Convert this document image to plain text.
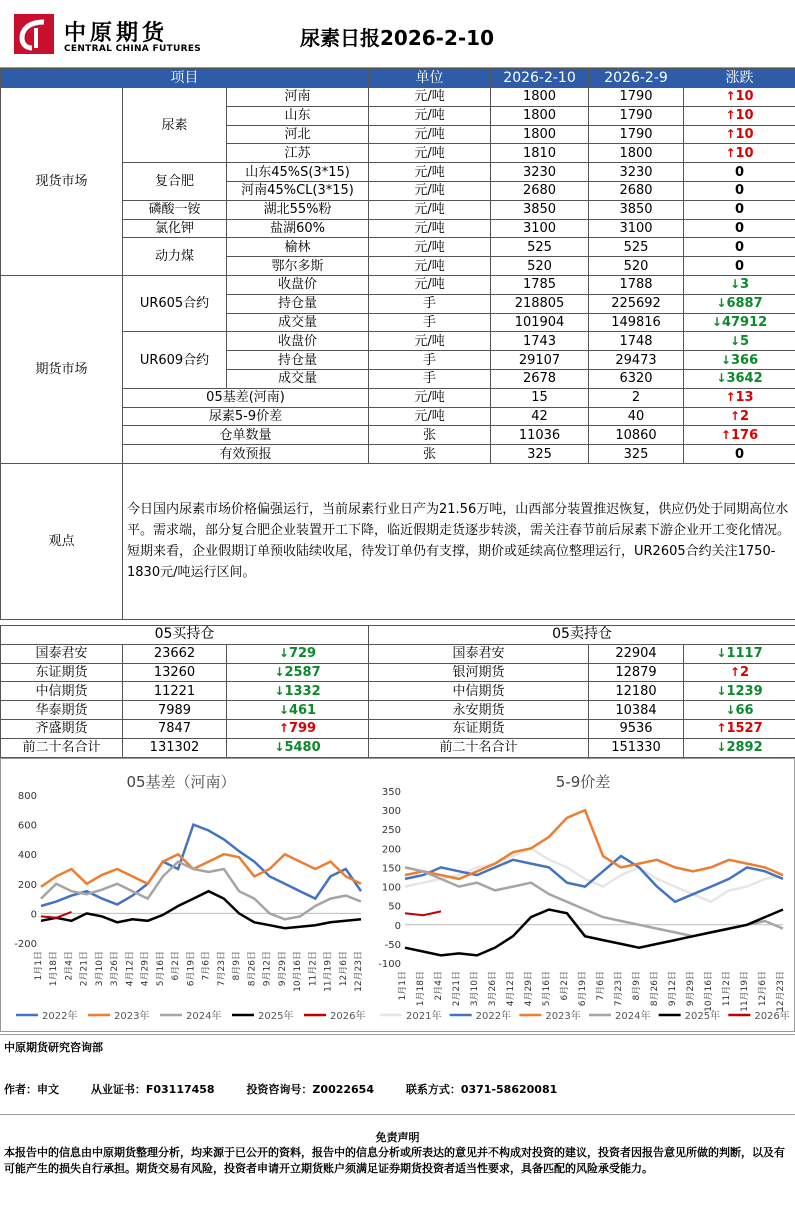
中原期货
CENTRAL CHINA FUTURES	尿素日报2026-2-10
项目			单位	2026-2-10	2026-2-9	涨跌
现货市场	尿素	河南	元/吨	1800	1790	↑10
		山东	元/吨	1800	1790	↑10
		河北	元/吨	1800	1790	↑10
		江苏	元/吨	1810	1800	↑10
	复合肥	山东45%S(3*15)	元/吨	3230	3230	0
		河南45%CL(3*15)	元/吨	2680	2680	0
	磷酸一铵	湖北55%粉	元/吨	3850	3850	0
	氯化钾	盐湖60%	元/吨	3100	3100	0
	动力煤	榆林	元/吨	525	525	0
		鄂尔多斯	元/吨	520	520	0
期货市场	UR605合约	收盘价	元/吨	1785	1788	↓3
		持仓量	手	218805	225692	↓6887
		成交量	手	101904	149816	↓47912
	UR609合约	收盘价	元/吨	1743	1748	↓5
		持仓量	手	29107	29473	↓366
		成交量	手	2678	6320	↓3642
	05基差(河南)		元/吨	15	2	↑13
	尿素5-9价差		元/吨	42	40	↑2
	仓单数量		张	11036	10860	↑176
	有效预报		张	325	325	0
观点	今日国内尿素市场价格偏强运行，当前尿素行业日产为21.56万吨，山西部分装置推迟恢复，供应仍处于同期高位水平。需求端，部分复合肥企业装置开工下降，临近假期走货逐步转淡，需关注春节前后尿素下游企业开工变化情况。短期来看，企业假期订单预收陆续收尾，待发订单仍有支撑，期价或延续高位整理运行，UR2605合约关注1750-1830元/吨运行区间。					
05买持仓			05卖持仓		
国泰君安	23662	↓729	国泰君安	22904	↓1117
东证期货	13260	↓2587	银河期货	12879	↑2
中信期货	11221	↓1332	中信期货	12180	↓1239
华泰期货	7989	↓461	永安期货	10384	↓66
齐盛期货	7847	↑799	东证期货	9536	↑1527
前二十名合计	131302	↓5480	前二十名合计	151330	↓2892
05基差（河南）
800
600
400
200
0
-200
1月1日 1月18日 2月4日 2月21日 3月10日 3月26日 4月12日 4月29日 5月16日 6月2日 6月19日 7月6日 7月23日 8月9日 8月26日 9月12日 9月29日 10月16日 11月2日 11月19日 12月6日 12月23日
2022年	2023年	2024年	2025年	2026年
5-9价差
350
300
250
200
150
100
50
0
-50
-100
1月1日 1月18日 2月4日 2月21日 3月10日 3月26日 4月12日 4月29日 5月16日 6月2日 6月19日 7月6日 7月23日 8月9日 8月26日 9月12日 9月29日 10月16日 11月2日 11月19日 12月6日 12月23日
2021年	2022年	2023年	2024年	2025年	2026年
中原期货研究咨询部
作者：申文	从业证书：F03117458	投资咨询号：Z0022654	联系方式：0371-58620081
免责声明
本报告中的信息由中原期货整理分析，均来源于已公开的资料，报告中的信息分析或所表达的意见并不构成对投资的建议，投资者因报告意见所做的判断，以及有可能产生的损失自行承担。期货交易有风险，投资者申请开立期货账户须满足证券期货投资者适当性要求，具备匹配的风险承受能力。
